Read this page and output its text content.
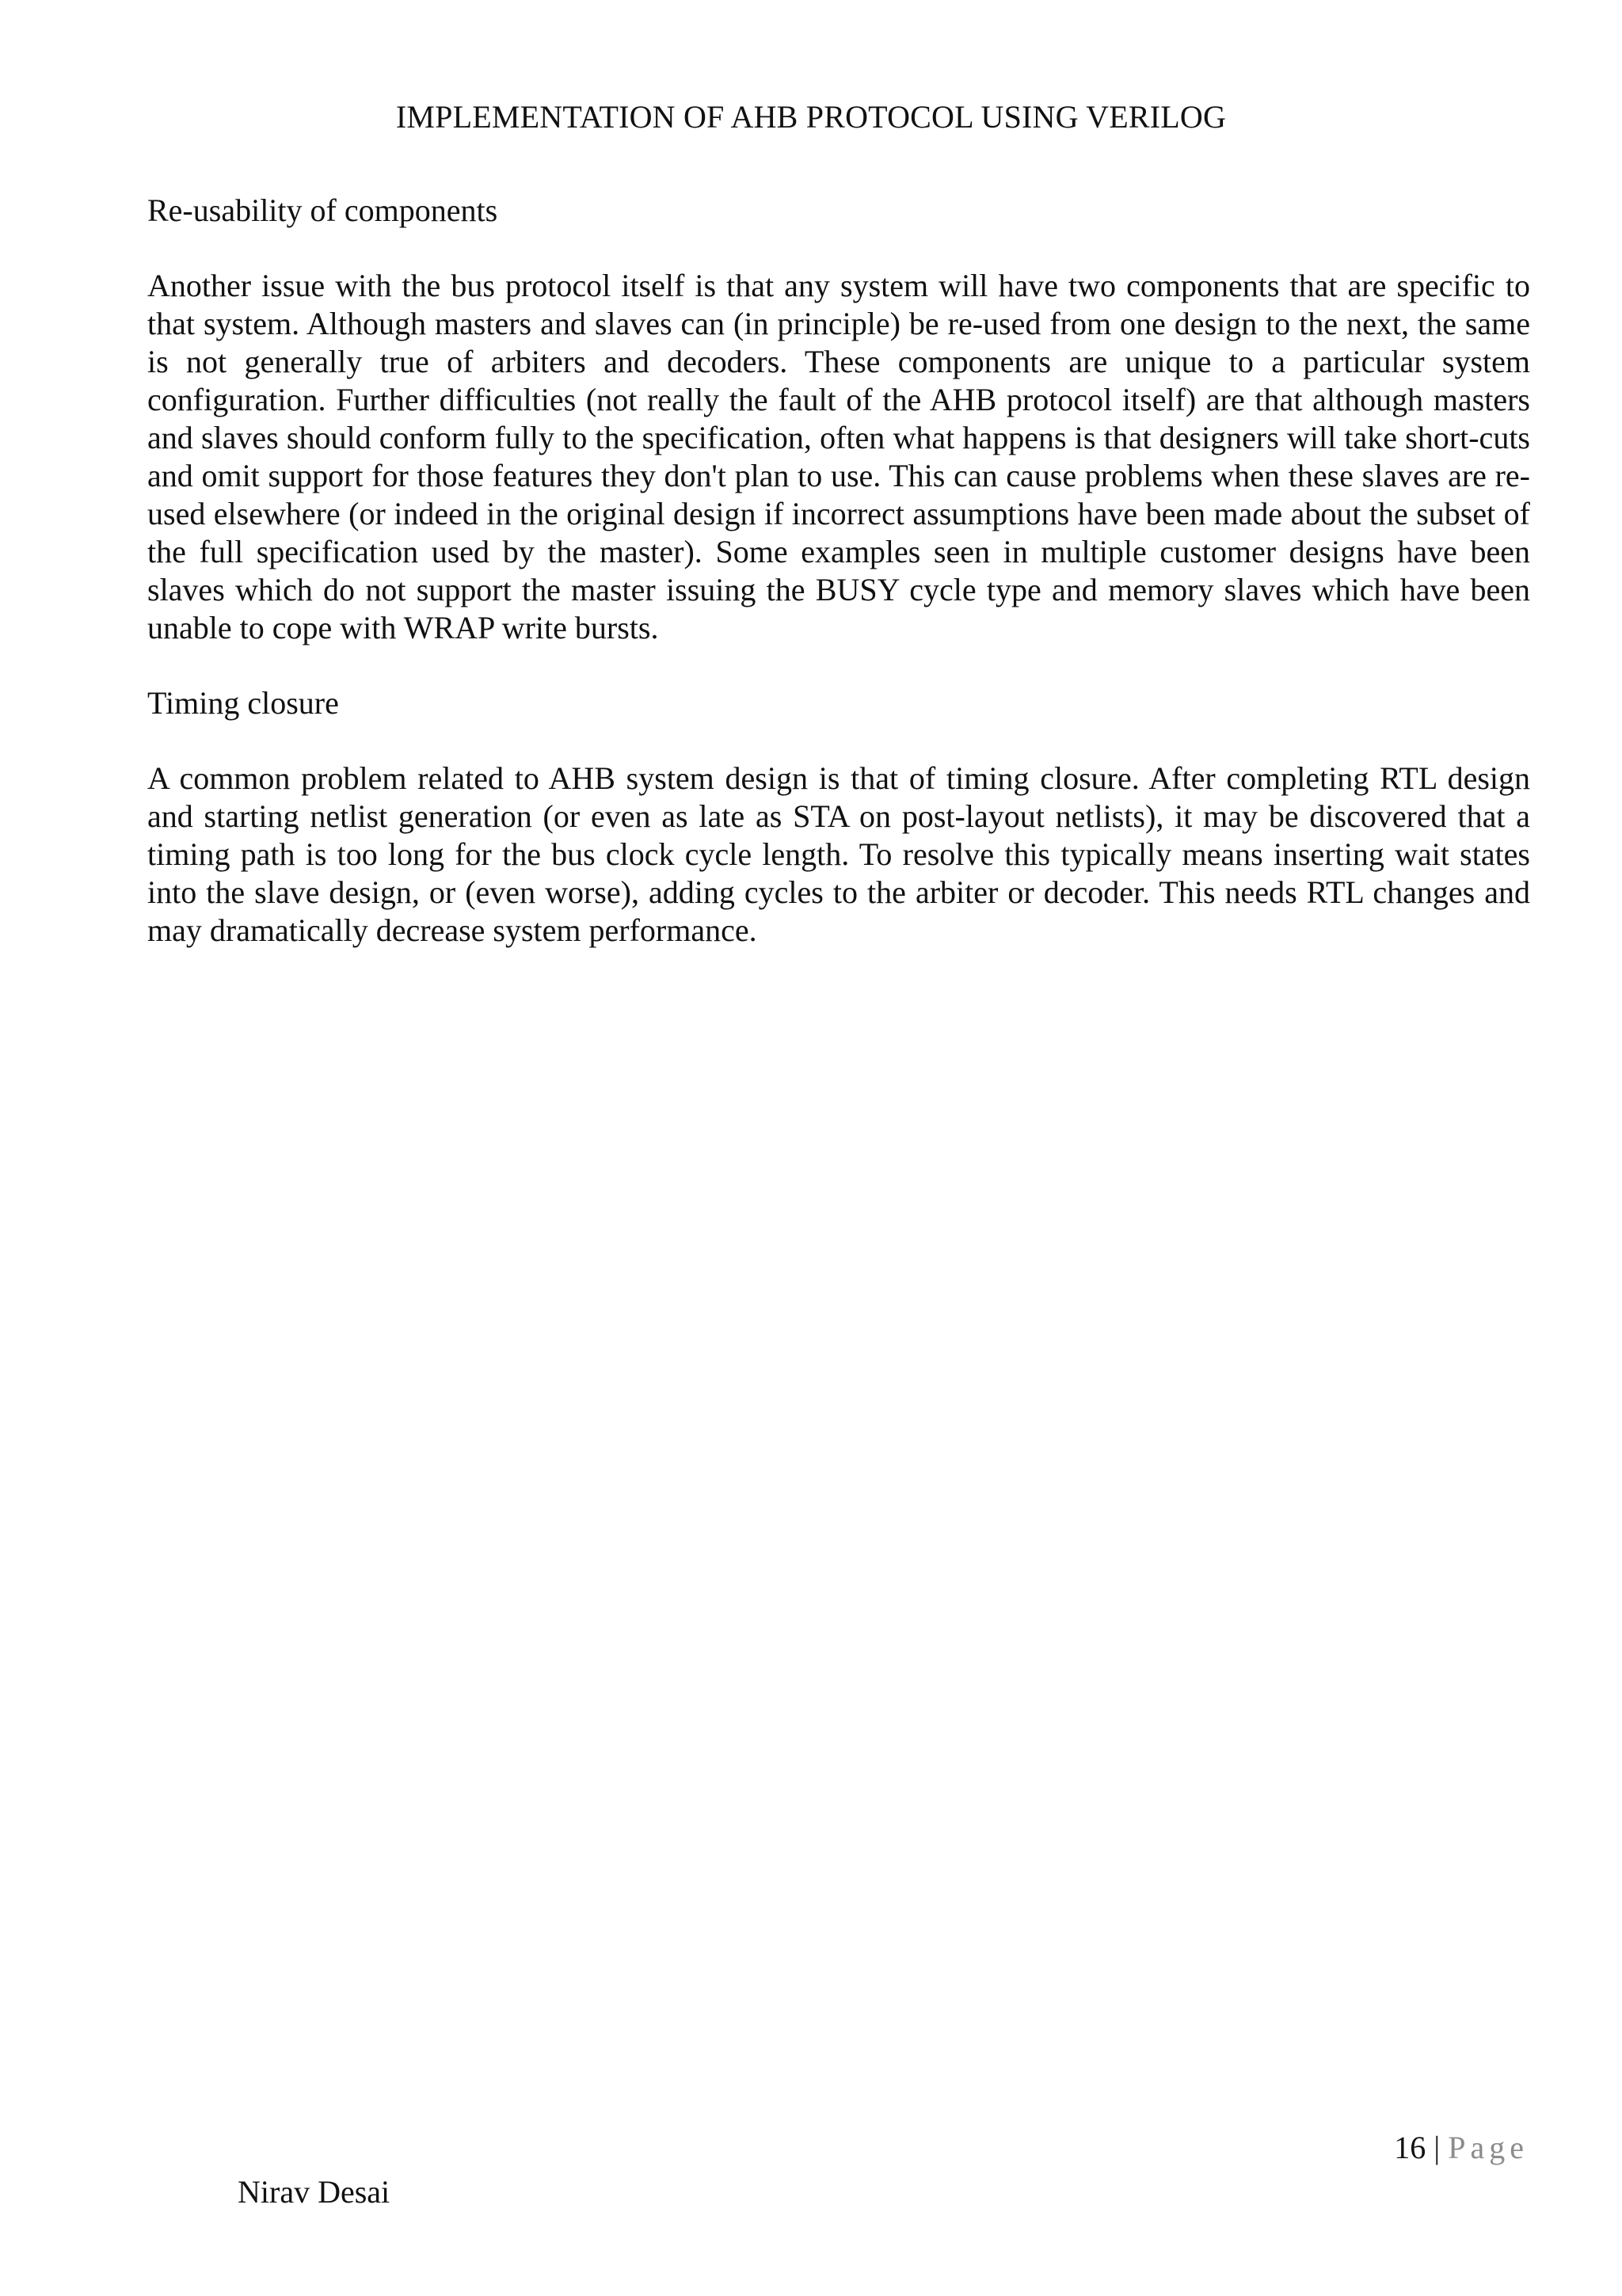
IMPLEMENTATION OF AHB PROTOCOL USING VERILOG
Re-usability of components

Another issue with the bus protocol itself is that any system will have two components that are specific to that system. Although masters and slaves can (in principle) be re-used from one design to the next, the same is not generally true of arbiters and decoders. These components are unique to a particular system configuration. Further difficulties (not really the fault of the AHB protocol itself) are that although masters and slaves should conform fully to the specification, often what happens is that designers will take short-cuts and omit support for those features they don't plan to use. This can cause problems when these slaves are re-used elsewhere (or indeed in the original design if incorrect assumptions have been made about the subset of the full specification used by the master). Some examples seen in multiple customer designs have been slaves which do not support the master issuing the BUSY cycle type and memory slaves which have been unable to cope with WRAP write bursts.

Timing closure

A common problem related to AHB system design is that of timing closure. After completing RTL design and starting netlist generation (or even as late as STA on post-layout netlists), it may be discovered that a timing path is too long for the bus clock cycle length. To resolve this typically means inserting wait states into the slave design, or (even worse), adding cycles to the arbiter or decoder. This needs RTL changes and may dramatically decrease system performance.

16 | Page
Nirav Desai
